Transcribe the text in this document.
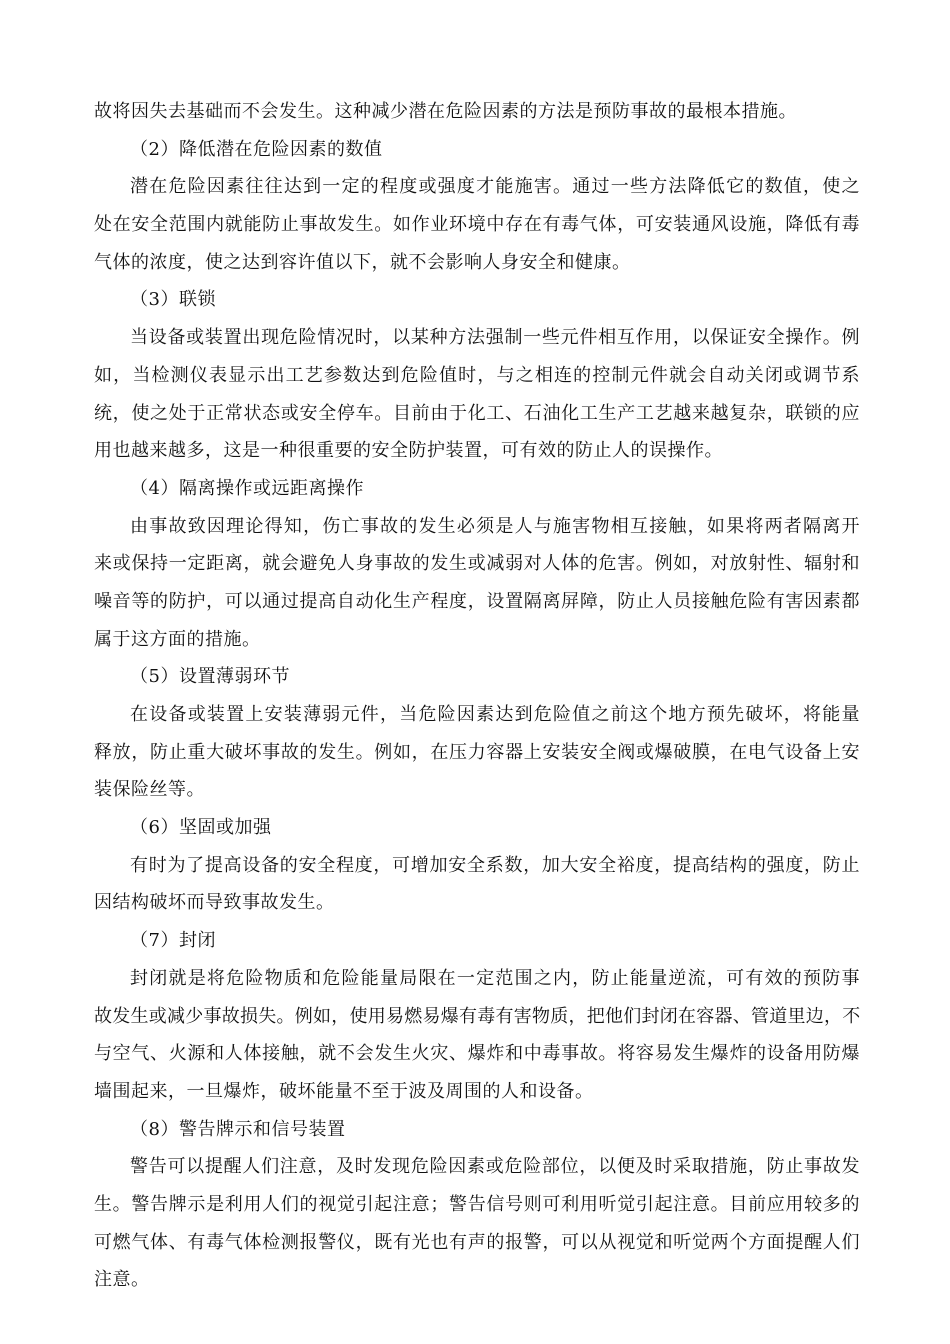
故将因失去基础而不会发生。这种减少潜在危险因素的方法是预防事故的最根本措施。
（2）降低潜在危险因素的数值
潜在危险因素往往达到一定的程度或强度才能施害。通过一些方法降低它的数值，使之
处在安全范围内就能防止事故发生。如作业环境中存在有毒气体，可安装通风设施，降低有毒
气体的浓度，使之达到容许值以下，就不会影响人身安全和健康。
（3）联锁
当设备或装置出现危险情况时，以某种方法强制一些元件相互作用，以保证安全操作。例
如，当检测仪表显示出工艺参数达到危险值时，与之相连的控制元件就会自动关闭或调节系
统，使之处于正常状态或安全停车。目前由于化工、石油化工生产工艺越来越复杂，联锁的应
用也越来越多，这是一种很重要的安全防护装置，可有效的防止人的误操作。
（4）隔离操作或远距离操作
由事故致因理论得知，伤亡事故的发生必须是人与施害物相互接触，如果将两者隔离开
来或保持一定距离，就会避免人身事故的发生或减弱对人体的危害。例如，对放射性、辐射和
噪音等的防护，可以通过提高自动化生产程度，设置隔离屏障，防止人员接触危险有害因素都
属于这方面的措施。
（5）设置薄弱环节
在设备或装置上安装薄弱元件，当危险因素达到危险值之前这个地方预先破坏，将能量
释放，防止重大破坏事故的发生。例如，在压力容器上安装安全阀或爆破膜，在电气设备上安
装保险丝等。
（6）坚固或加强
有时为了提高设备的安全程度，可增加安全系数，加大安全裕度，提高结构的强度，防止
因结构破坏而导致事故发生。
（7）封闭
封闭就是将危险物质和危险能量局限在一定范围之内，防止能量逆流，可有效的预防事
故发生或减少事故损失。例如，使用易燃易爆有毒有害物质，把他们封闭在容器、管道里边，不
与空气、火源和人体接触，就不会发生火灾、爆炸和中毒事故。将容易发生爆炸的设备用防爆
墙围起来，一旦爆炸，破坏能量不至于波及周围的人和设备。
（8）警告牌示和信号装置
警告可以提醒人们注意，及时发现危险因素或危险部位，以便及时采取措施，防止事故发
生。警告牌示是利用人们的视觉引起注意；警告信号则可利用听觉引起注意。目前应用较多的
可燃气体、有毒气体检测报警仪，既有光也有声的报警，可以从视觉和听觉两个方面提醒人们
注意。
